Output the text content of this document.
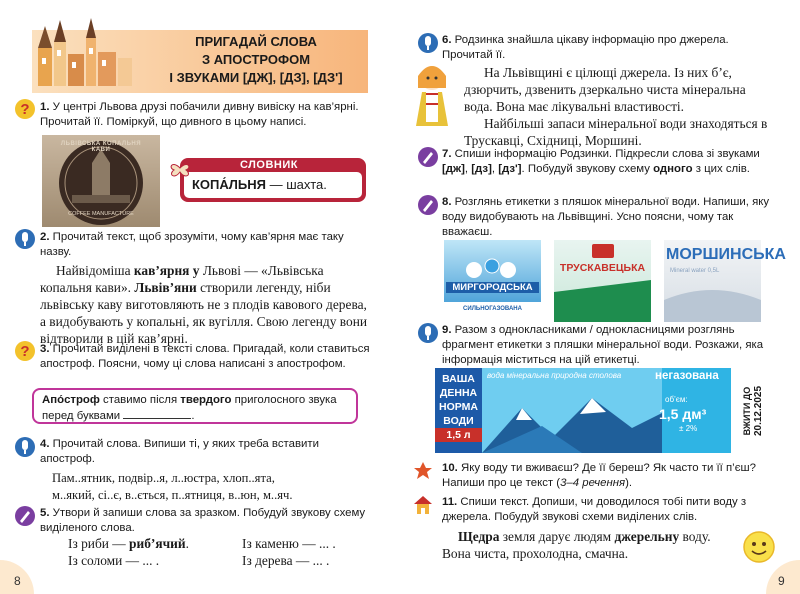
ПРИГАДАЙ СЛОВА
З АПОСТРОФОМ
І ЗВУКАМИ [ДЖ], [ДЗ], [ДЗ']
? 1. У центрі Львова друзі побачили дивну вивіску на кав’ярні. Прочитай її. Поміркуй, що дивного в цьому написі.
ЛЬВІВСЬКА КОПАЛЬНЯ КАВИ
COFFEE MANUFACTURE
КОПА́ЛЬНЯ — шахта.
СЛОВНИК
2. Прочитай текст, щоб зрозуміти, чому кав’ярня має таку назву.
Найвідоміша кав’ярня у Львові — «Львівська копальня кави». Львів’яни створили легенду, ніби львівську каву виготовляють не з плодів кавового дерева, а видобувають у копальні, як вугілля. Свою легенду вони відтворили в цій кав’ярні.
? 3. Прочитай виділені в тексті слова. Пригадай, коли ставиться апостроф. Поясни, чому ці слова написані з апострофом.
Апо́строф ставимо після твердого приголосного звука перед буквами	.
4. Прочитай слова. Випиши ті, у яких треба вставити апостроф.
Пам..ятник, подвір..я, л..юстра, хлоп..ята,
м..який, сі..є, в..ється, п..ятниця, в..юн, м..яч.
5. Утвори й запиши слова за зразком. Побудуй звукову схему виділеного слова.
Із риби — риб’ячий.
Із соломи — ... .
Із каменю — ... .
Із дерева — ... .
8
6. Родзинка знайшла цікаву інформацію про джерела. Прочитай її.
На Львівщині є цілющі джерела. Із них б’є, дзюрчить, дзвенить дзеркально чиста мінеральна вода. Вона має лікувальні властивості.
Найбільші запаси мінеральної води знаходяться в Трускавці, Східниці, Моршині.
7. Спиши інформацію Родзинки. Підкресли слова зі звуками [дж], [дз], [дз']. Побудуй звукову схему одного з цих слів.
8. Розглянь етикетки з пляшок мінеральної води. Напиши, яку воду видобувають на Львівщині. Усно поясни, чому так вважаєш.
МИРГОРОДСЬКА
СИЛЬНОГАЗОВАНА
ТРУСКАВЕЦЬКА
МОРШИНСЬКА
Mineral water 0,5L
9. Разом з однокласниками / однокласницями розглянь фрагмент етикетки з пляшки мінеральної води. Розкажи, яка інформація міститься на цій етикетці.
ВАША
ДЕННА
НОРМА
ВОДИ
1,5 л
вода мінеральна природна столова	негазована
об’єм:
1,5 дм³
± 2%	ВЖИТИ ДО 20.12.2025
10. Яку воду ти вживаєш? Де її береш? Як часто ти її п’єш? Напиши про це текст (3–4 речення).
11. Спиши текст. Допиши, чи доводилося тобі пити воду з джерела. Побудуй звукові схеми виділених слів.
Щедра земля дарує людям джерельну воду. Вона чиста, прохолодна, смачна.
9
